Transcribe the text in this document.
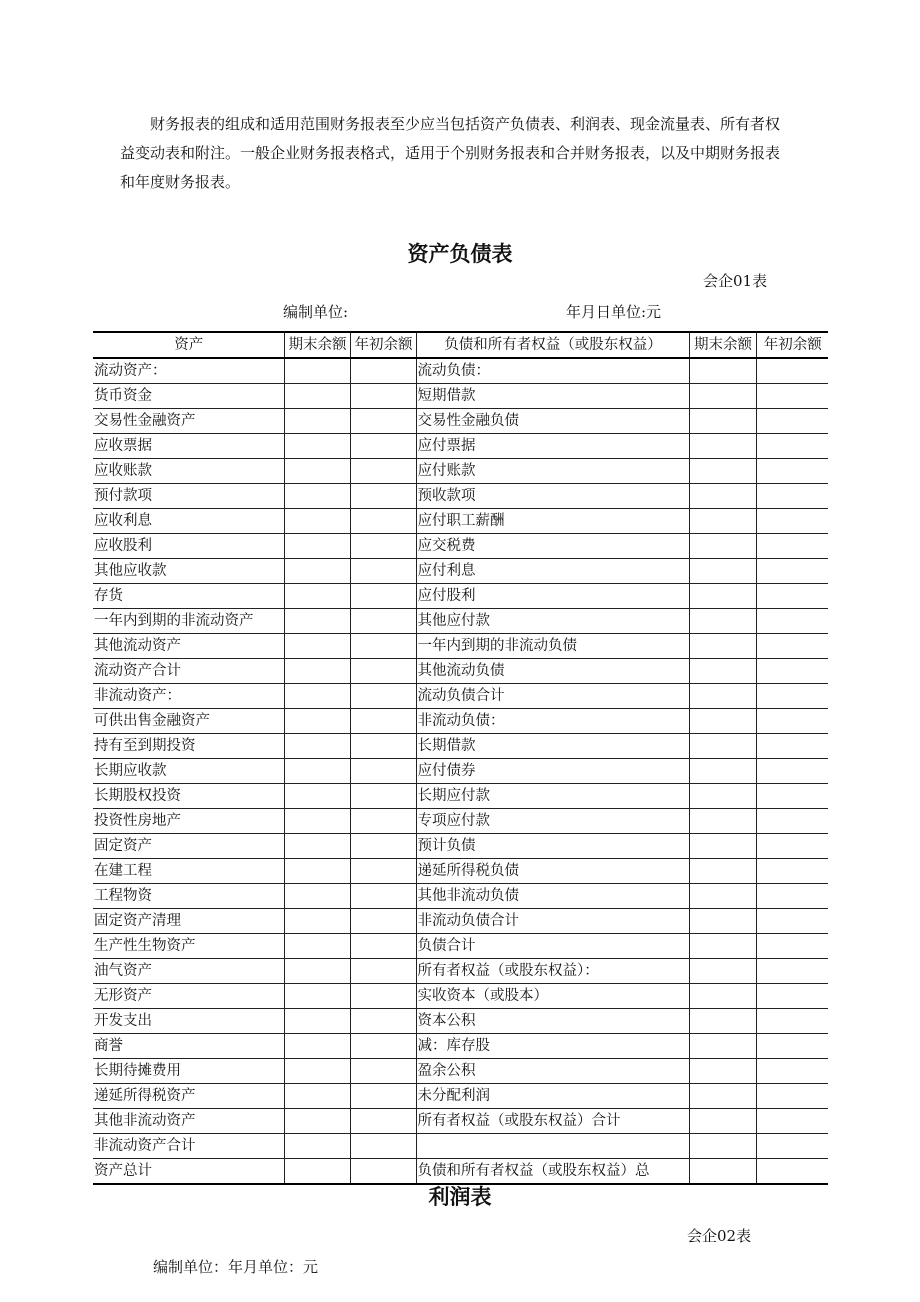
财务报表的组成和适用范围财务报表至少应当包括资产负债表、利润表、现金流量表、所有者权益变动表和附注。一般企业财务报表格式，适用于个别财务报表和合并财务报表，以及中期财务报表和年度财务报表。

资产负债表
会企01表
编制单位:	年月日单位:元
资产	期末余额	年初余额	负债和所有者权益（或股东权益）	期末余额	年初余额
流动资产：			流动负债：		
货币资金			短期借款		
交易性金融资产			交易性金融负债		
应收票据			应付票据		
应收账款			应付账款		
预付款项			预收款项		
应收利息			应付职工薪酬		
应收股利			应交税费		
其他应收款			应付利息		
存货			应付股利		
一年内到期的非流动资产			其他应付款		
其他流动资产			一年内到期的非流动负债		
流动资产合计			其他流动负债		
非流动资产：			流动负债合计		
可供出售金融资产			非流动负债：		
持有至到期投资			长期借款		
长期应收款			应付债券		
长期股权投资			长期应付款		
投资性房地产			专项应付款		
固定资产			预计负债		
在建工程			递延所得税负债		
工程物资			其他非流动负债		
固定资产清理			非流动负债合计		
生产性生物资产			负债合计		
油气资产			所有者权益（或股东权益）：		
无形资产			实收资本（或股本）		
开发支出			资本公积		
商誉			减：库存股		
长期待摊费用			盈余公积		
递延所得税资产			未分配利润		
其他非流动资产			所有者权益（或股东权益）合计		
非流动资产合计					
资产总计			负债和所有者权益（或股东权益）总		
利润表
会企02表
编制单位：年月单位：元
